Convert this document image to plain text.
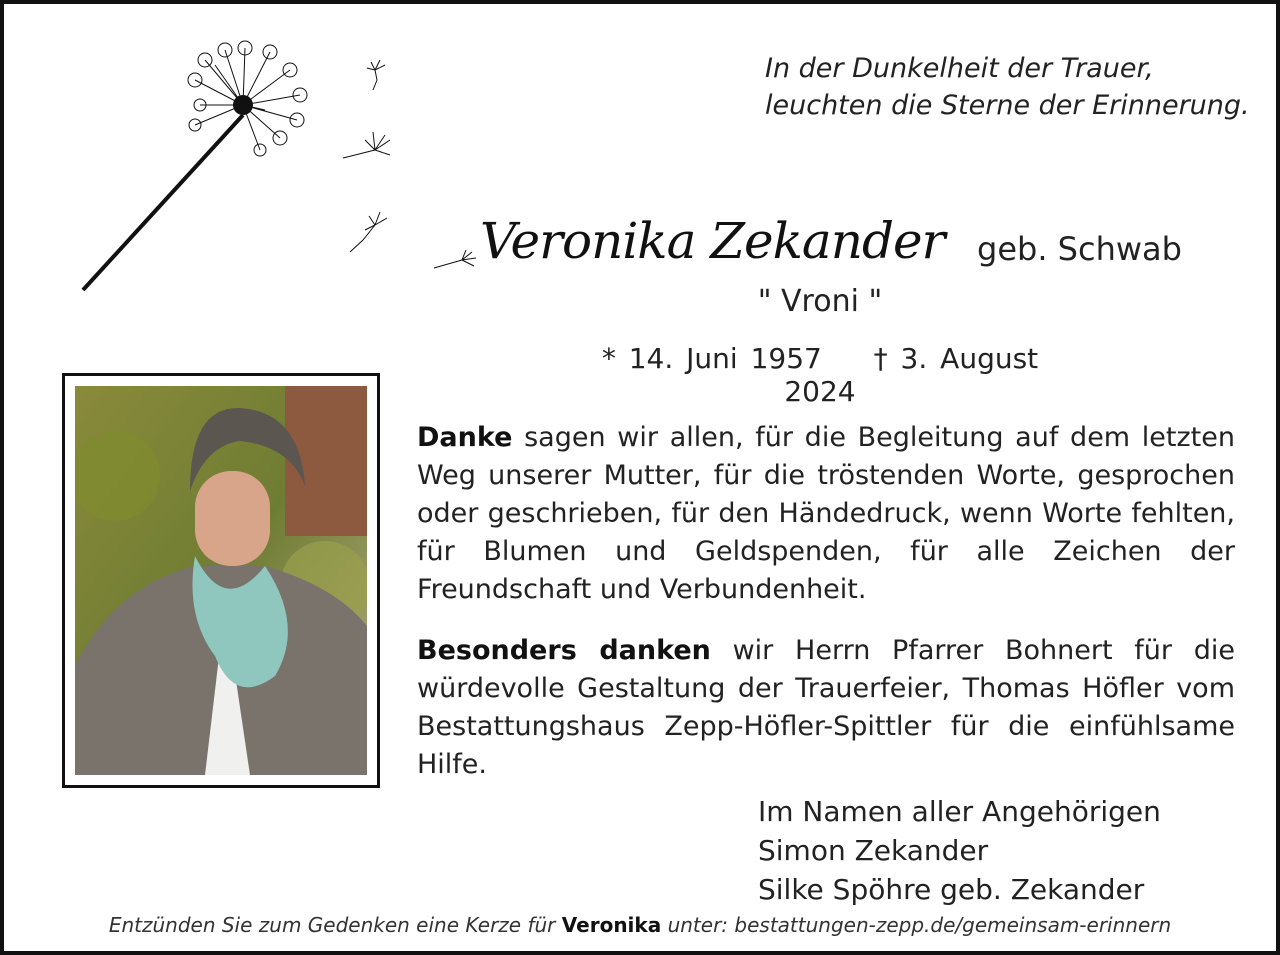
In der Dunkelheit der Trauer,
leuchten die Sterne der Erinnerung.
Veronika Zekander geb. Schwab
" Vroni "
* 14. Juni 1957 † 3. August 2024
Danke sagen wir allen, für die Begleitung auf dem letzten Weg unserer Mutter, für die tröstenden Worte, gesprochen oder geschrieben, für den Händedruck, wenn Worte fehlten, für Blumen und Geldspenden, für alle Zeichen der Freundschaft und Verbundenheit.
Besonders danken wir Herrn Pfarrer Bohnert für die würdevolle Gestaltung der Trauerfeier, Thomas Höfler vom Bestattungshaus Zepp-Höfler-Spittler für die einfühlsame Hilfe.
Im Namen aller Angehörigen
Simon Zekander
Silke Spöhre geb. Zekander
Entzünden Sie zum Gedenken eine Kerze für Veronika unter: bestattungen-zepp.de/gemeinsam-erinnern
